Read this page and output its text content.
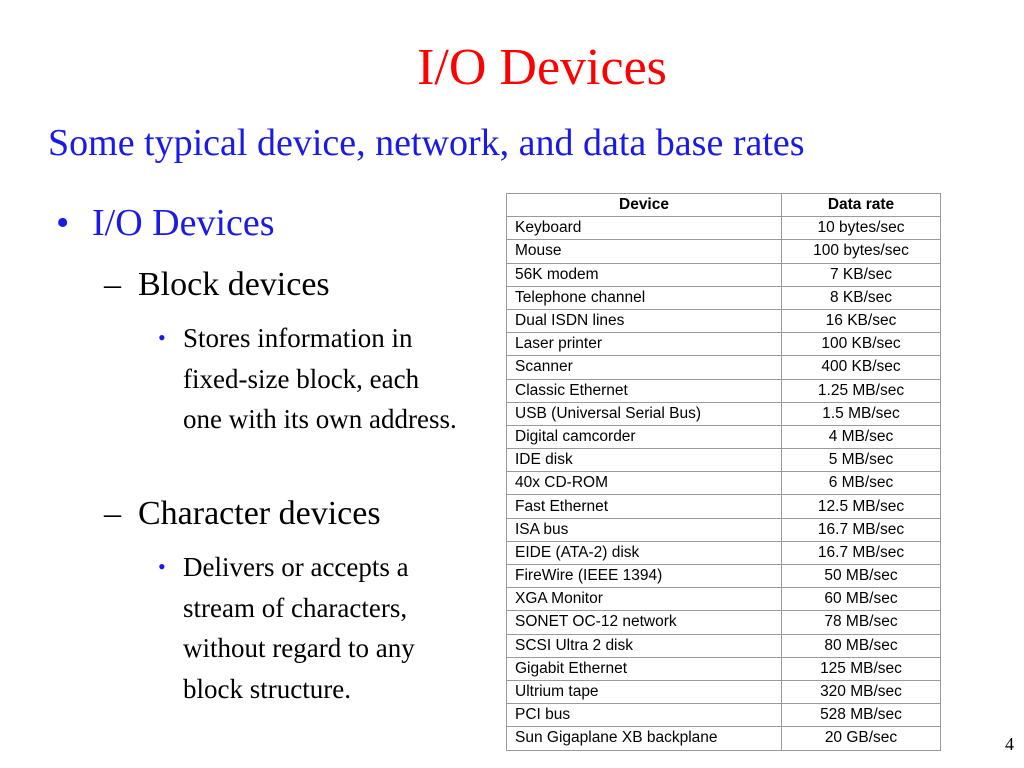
I/O Devices
Some typical device, network, and data base rates
• I/O Devices
– Block devices
• Stores information in fixed-size block, each one with its own address.
– Character devices
• Delivers or accepts a stream of characters, without regard to any block structure.
Device	Data rate
Keyboard	10 bytes/sec
Mouse	100 bytes/sec
56K modem	7 KB/sec
Telephone channel	8 KB/sec
Dual ISDN lines	16 KB/sec
Laser printer	100 KB/sec
Scanner	400 KB/sec
Classic Ethernet	1.25 MB/sec
USB (Universal Serial Bus)	1.5 MB/sec
Digital camcorder	4 MB/sec
IDE disk	5 MB/sec
40x CD-ROM	6 MB/sec
Fast Ethernet	12.5 MB/sec
ISA bus	16.7 MB/sec
EIDE (ATA-2) disk	16.7 MB/sec
FireWire (IEEE 1394)	50 MB/sec
XGA Monitor	60 MB/sec
SONET OC-12 network	78 MB/sec
SCSI Ultra 2 disk	80 MB/sec
Gigabit Ethernet	125 MB/sec
Ultrium tape	320 MB/sec
PCI bus	528 MB/sec
Sun Gigaplane XB backplane	20 GB/sec	4
